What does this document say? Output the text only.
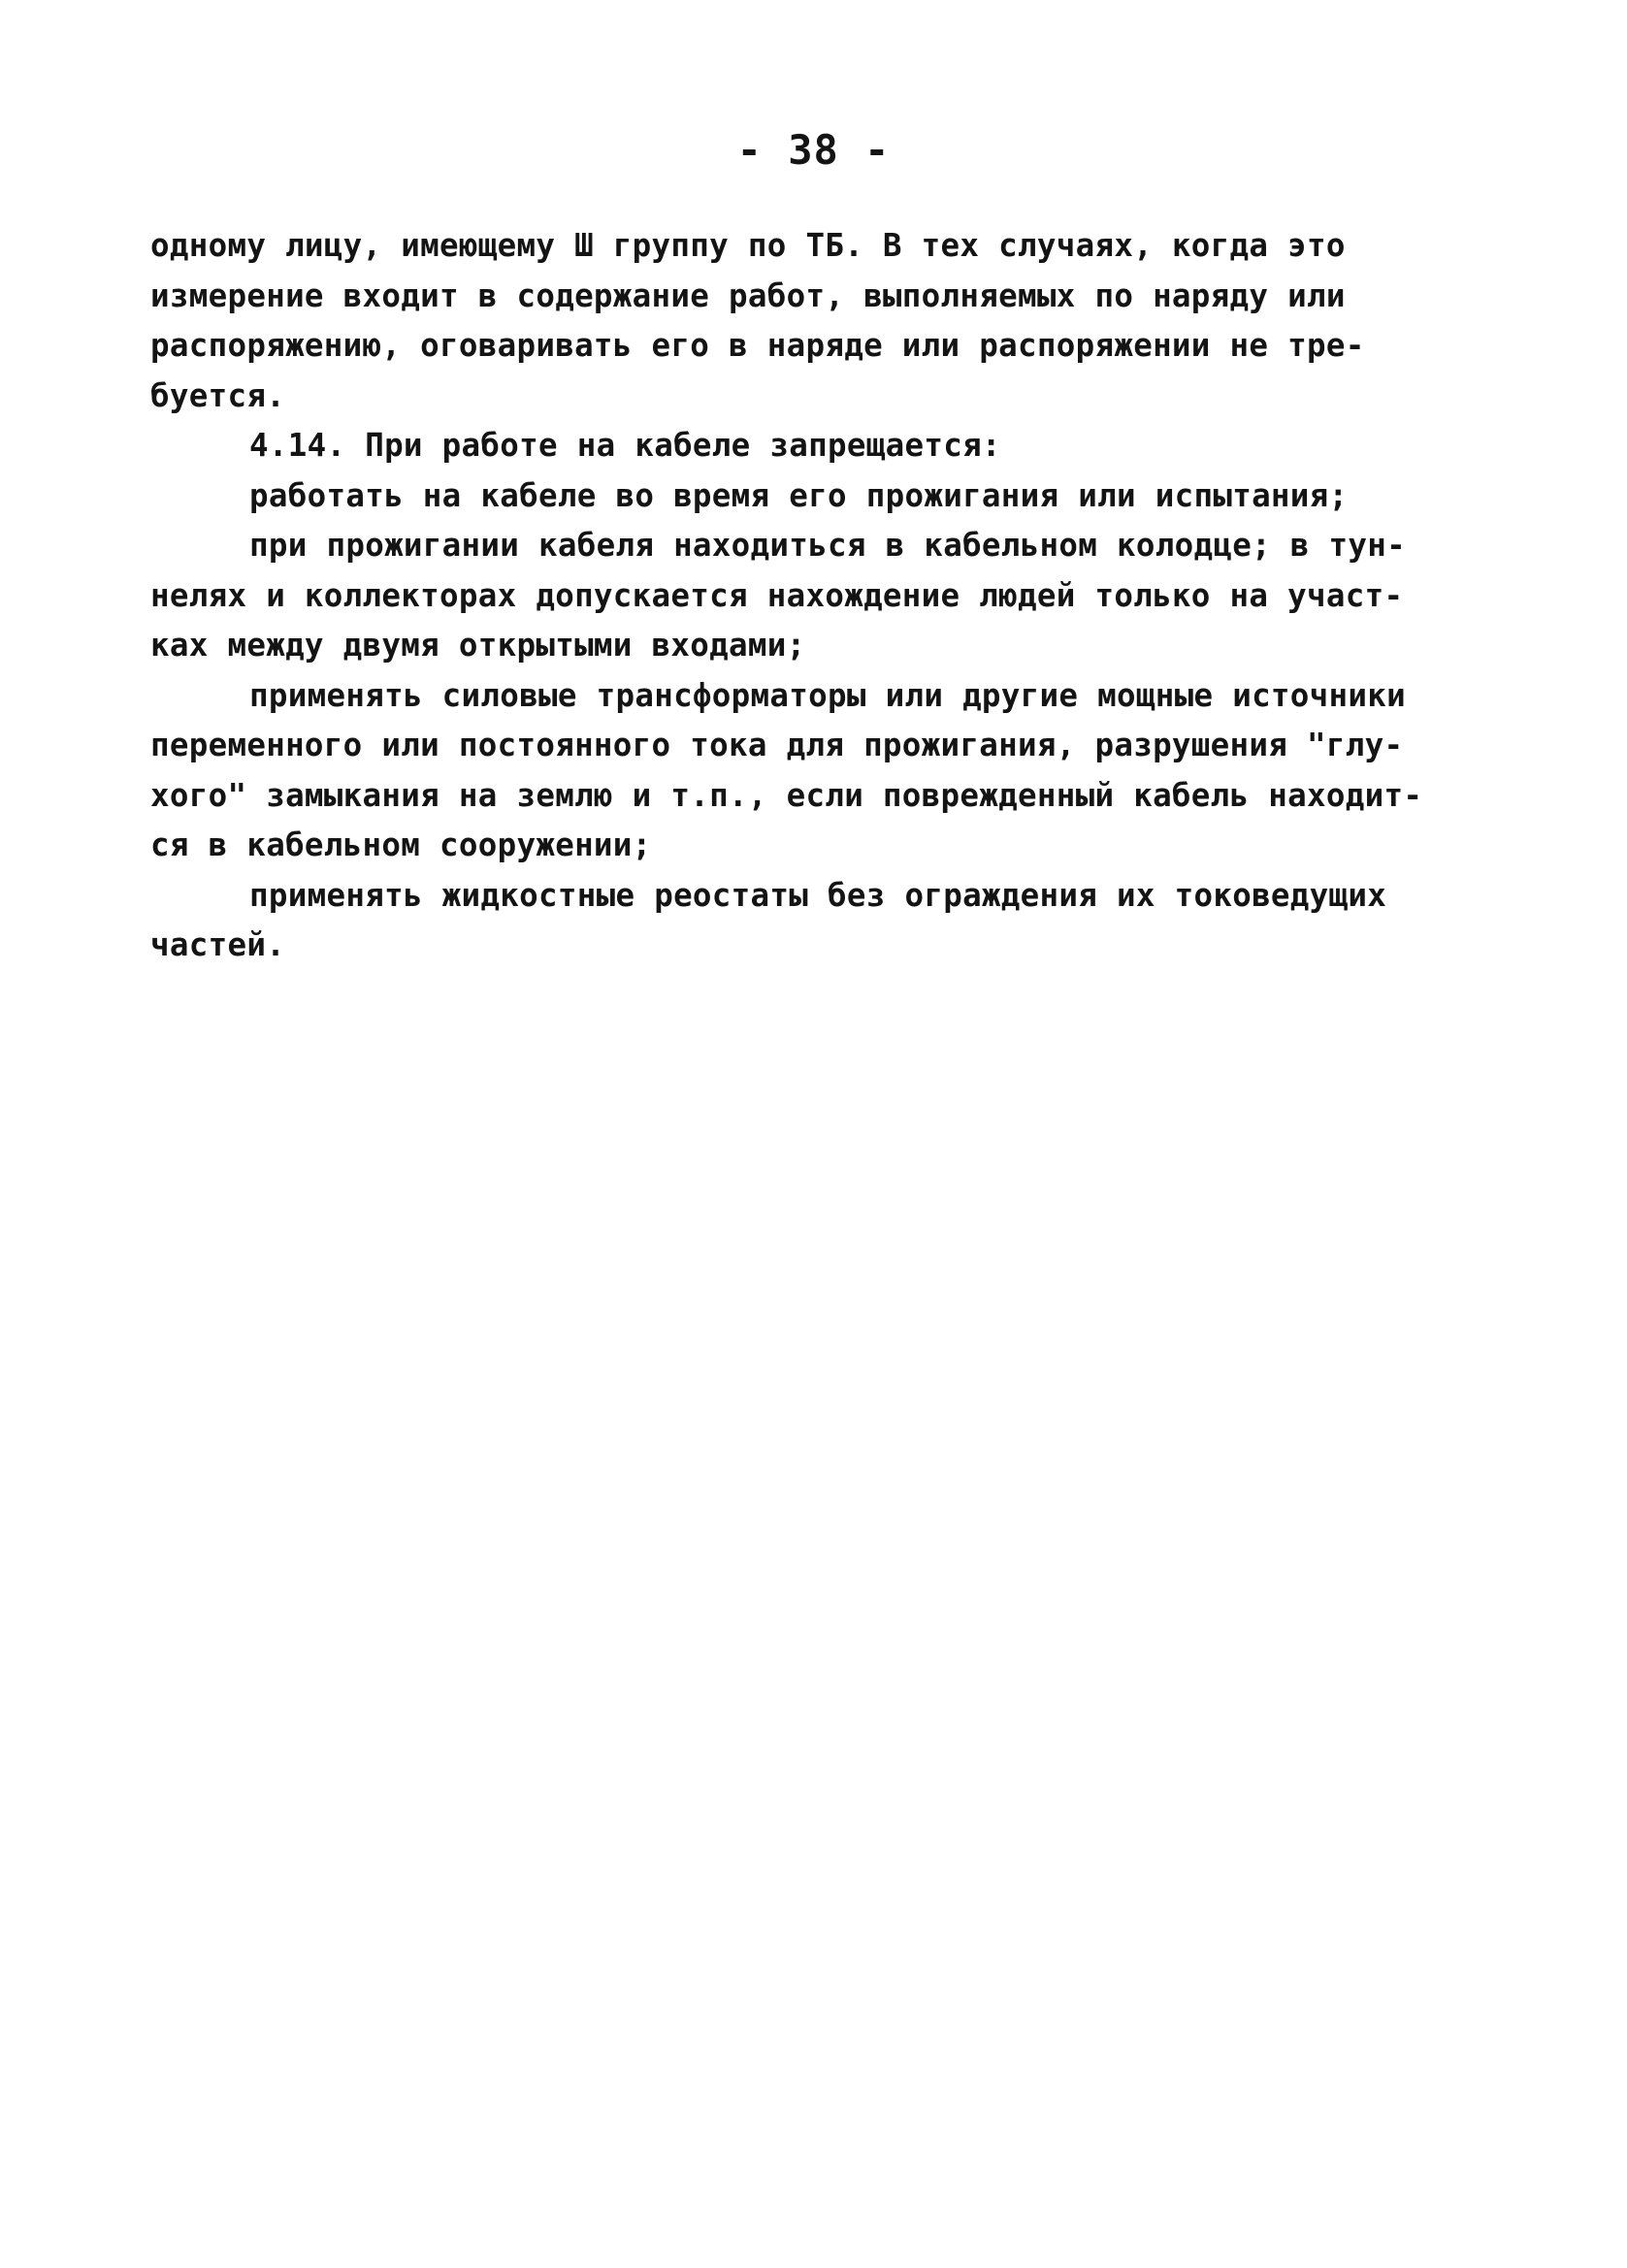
- 38 -
одному лицу, имеющему Ш группу по ТБ. В тех случаях, когда это
измерение входит в содержание работ, выполняемых по наряду или
распоряжению, оговаривать его в наряде или распоряжении не тре-
буется.
4.14. При работе на кабеле запрещается:
работать на кабеле во время его прожигания или испытания;
при прожигании кабеля находиться в кабельном колодце; в тун-
нелях и коллекторах допускается нахождение людей только на участ-
ках между двумя открытыми входами;
применять силовые трансформаторы или другие мощные источники
переменного или постоянного тока для прожигания, разрушения "глу-
хого" замыкания на землю и т.п., если поврежденный кабель находит-
ся в кабельном сооружении;
применять жидкостные реостаты без ограждения их токоведущих
частей.
